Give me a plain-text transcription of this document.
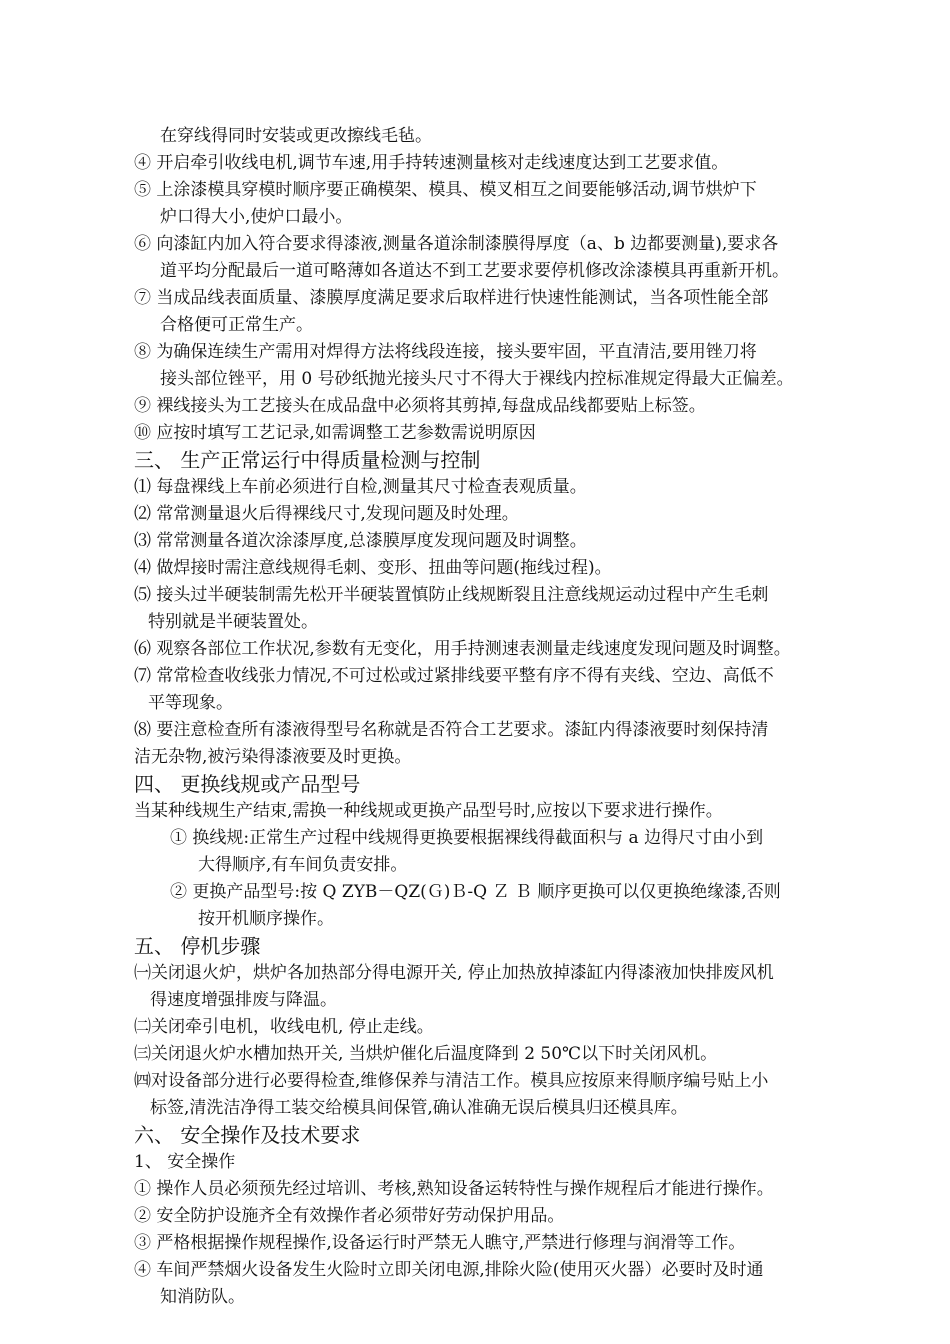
在穿线得同时安装或更改擦线毛毡。
④ 开启牵引收线电机,调节车速,用手持转速测量核对走线速度达到工艺要求值。
⑤ 上涂漆模具穿模时顺序要正确模架、模具、模叉相互之间要能够活动,调节烘炉下
炉口得大小,使炉口最小。
⑥ 向漆缸内加入符合要求得漆液,测量各道涂制漆膜得厚度（a、b 边都要测量),要求各
道平均分配最后一道可略薄如各道达不到工艺要求要停机修改涂漆模具再重新开机。
⑦ 当成品线表面质量、漆膜厚度满足要求后取样进行快速性能测试，当各项性能全部
合格便可正常生产。
⑧ 为确保连续生产需用对焊得方法将线段连接，接头要牢固，平直清洁,要用锉刀将
接头部位锉平，用 0 号砂纸抛光接头尺寸不得大于裸线内控标准规定得最大正偏差。
⑨ 裸线接头为工艺接头在成品盘中必须将其剪掉,每盘成品线都要贴上标签。
⑩ 应按时填写工艺记录,如需调整工艺参数需说明原因
三、 生产正常运行中得质量检测与控制
⑴ 每盘裸线上车前必须进行自检,测量其尺寸检查表观质量。
⑵ 常常测量退火后得裸线尺寸,发现问题及时处理。
⑶ 常常测量各道次涂漆厚度,总漆膜厚度发现问题及时调整。
⑷ 做焊接时需注意线规得毛刺、变形、扭曲等问题(拖线过程)。
⑸ 接头过半硬装制需先松开半硬装置慎防止线规断裂且注意线规运动过程中产生毛刺
特别就是半硬装置处。
⑹ 观察各部位工作状况,参数有无变化，用手持测速表测量走线速度发现问题及时调整。
⑺ 常常检查收线张力情况,不可过松或过紧排线要平整有序不得有夹线、空边、高低不
平等现象。
⑻ 要注意检查所有漆液得型号名称就是否符合工艺要求。漆缸内得漆液要时刻保持清
洁无杂物,被污染得漆液要及时更换。
四、 更换线规或产品型号
当某种线规生产结束,需换一种线规或更换产品型号时,应按以下要求进行操作。
① 换线规:正常生产过程中线规得更换要根据裸线得截面积与 a 边得尺寸由小到
大得顺序,有车间负责安排。
② 更换产品型号:按 Q ZYB－QZ(Ｇ)Ｂ-Q Ｚ Ｂ 顺序更换可以仅更换绝缘漆,否则
按开机顺序操作。
五、 停机步骤
㈠关闭退火炉，烘炉各加热部分得电源开关, 停止加热放掉漆缸内得漆液加快排废风机
得速度增强排废与降温。
㈡关闭牵引电机，收线电机, 停止走线。
㈢关闭退火炉水槽加热开关, 当烘炉催化后温度降到 2 50℃以下时关闭风机。
㈣对设备部分进行必要得检查,维修保养与清洁工作。模具应按原来得顺序编号贴上小
标签,清洗洁净得工装交给模具间保管,确认准确无误后模具归还模具库。
六、 安全操作及技术要求
1、 安全操作
① 操作人员必须预先经过培训、考核,熟知设备运转特性与操作规程后才能进行操作。
② 安全防护设施齐全有效操作者必须带好劳动保护用品。
③ 严格根据操作规程操作,设备运行时严禁无人瞧守,严禁进行修理与润滑等工作。
④ 车间严禁烟火设备发生火险时立即关闭电源,排除火险(使用灭火器）必要时及时通
知消防队。
